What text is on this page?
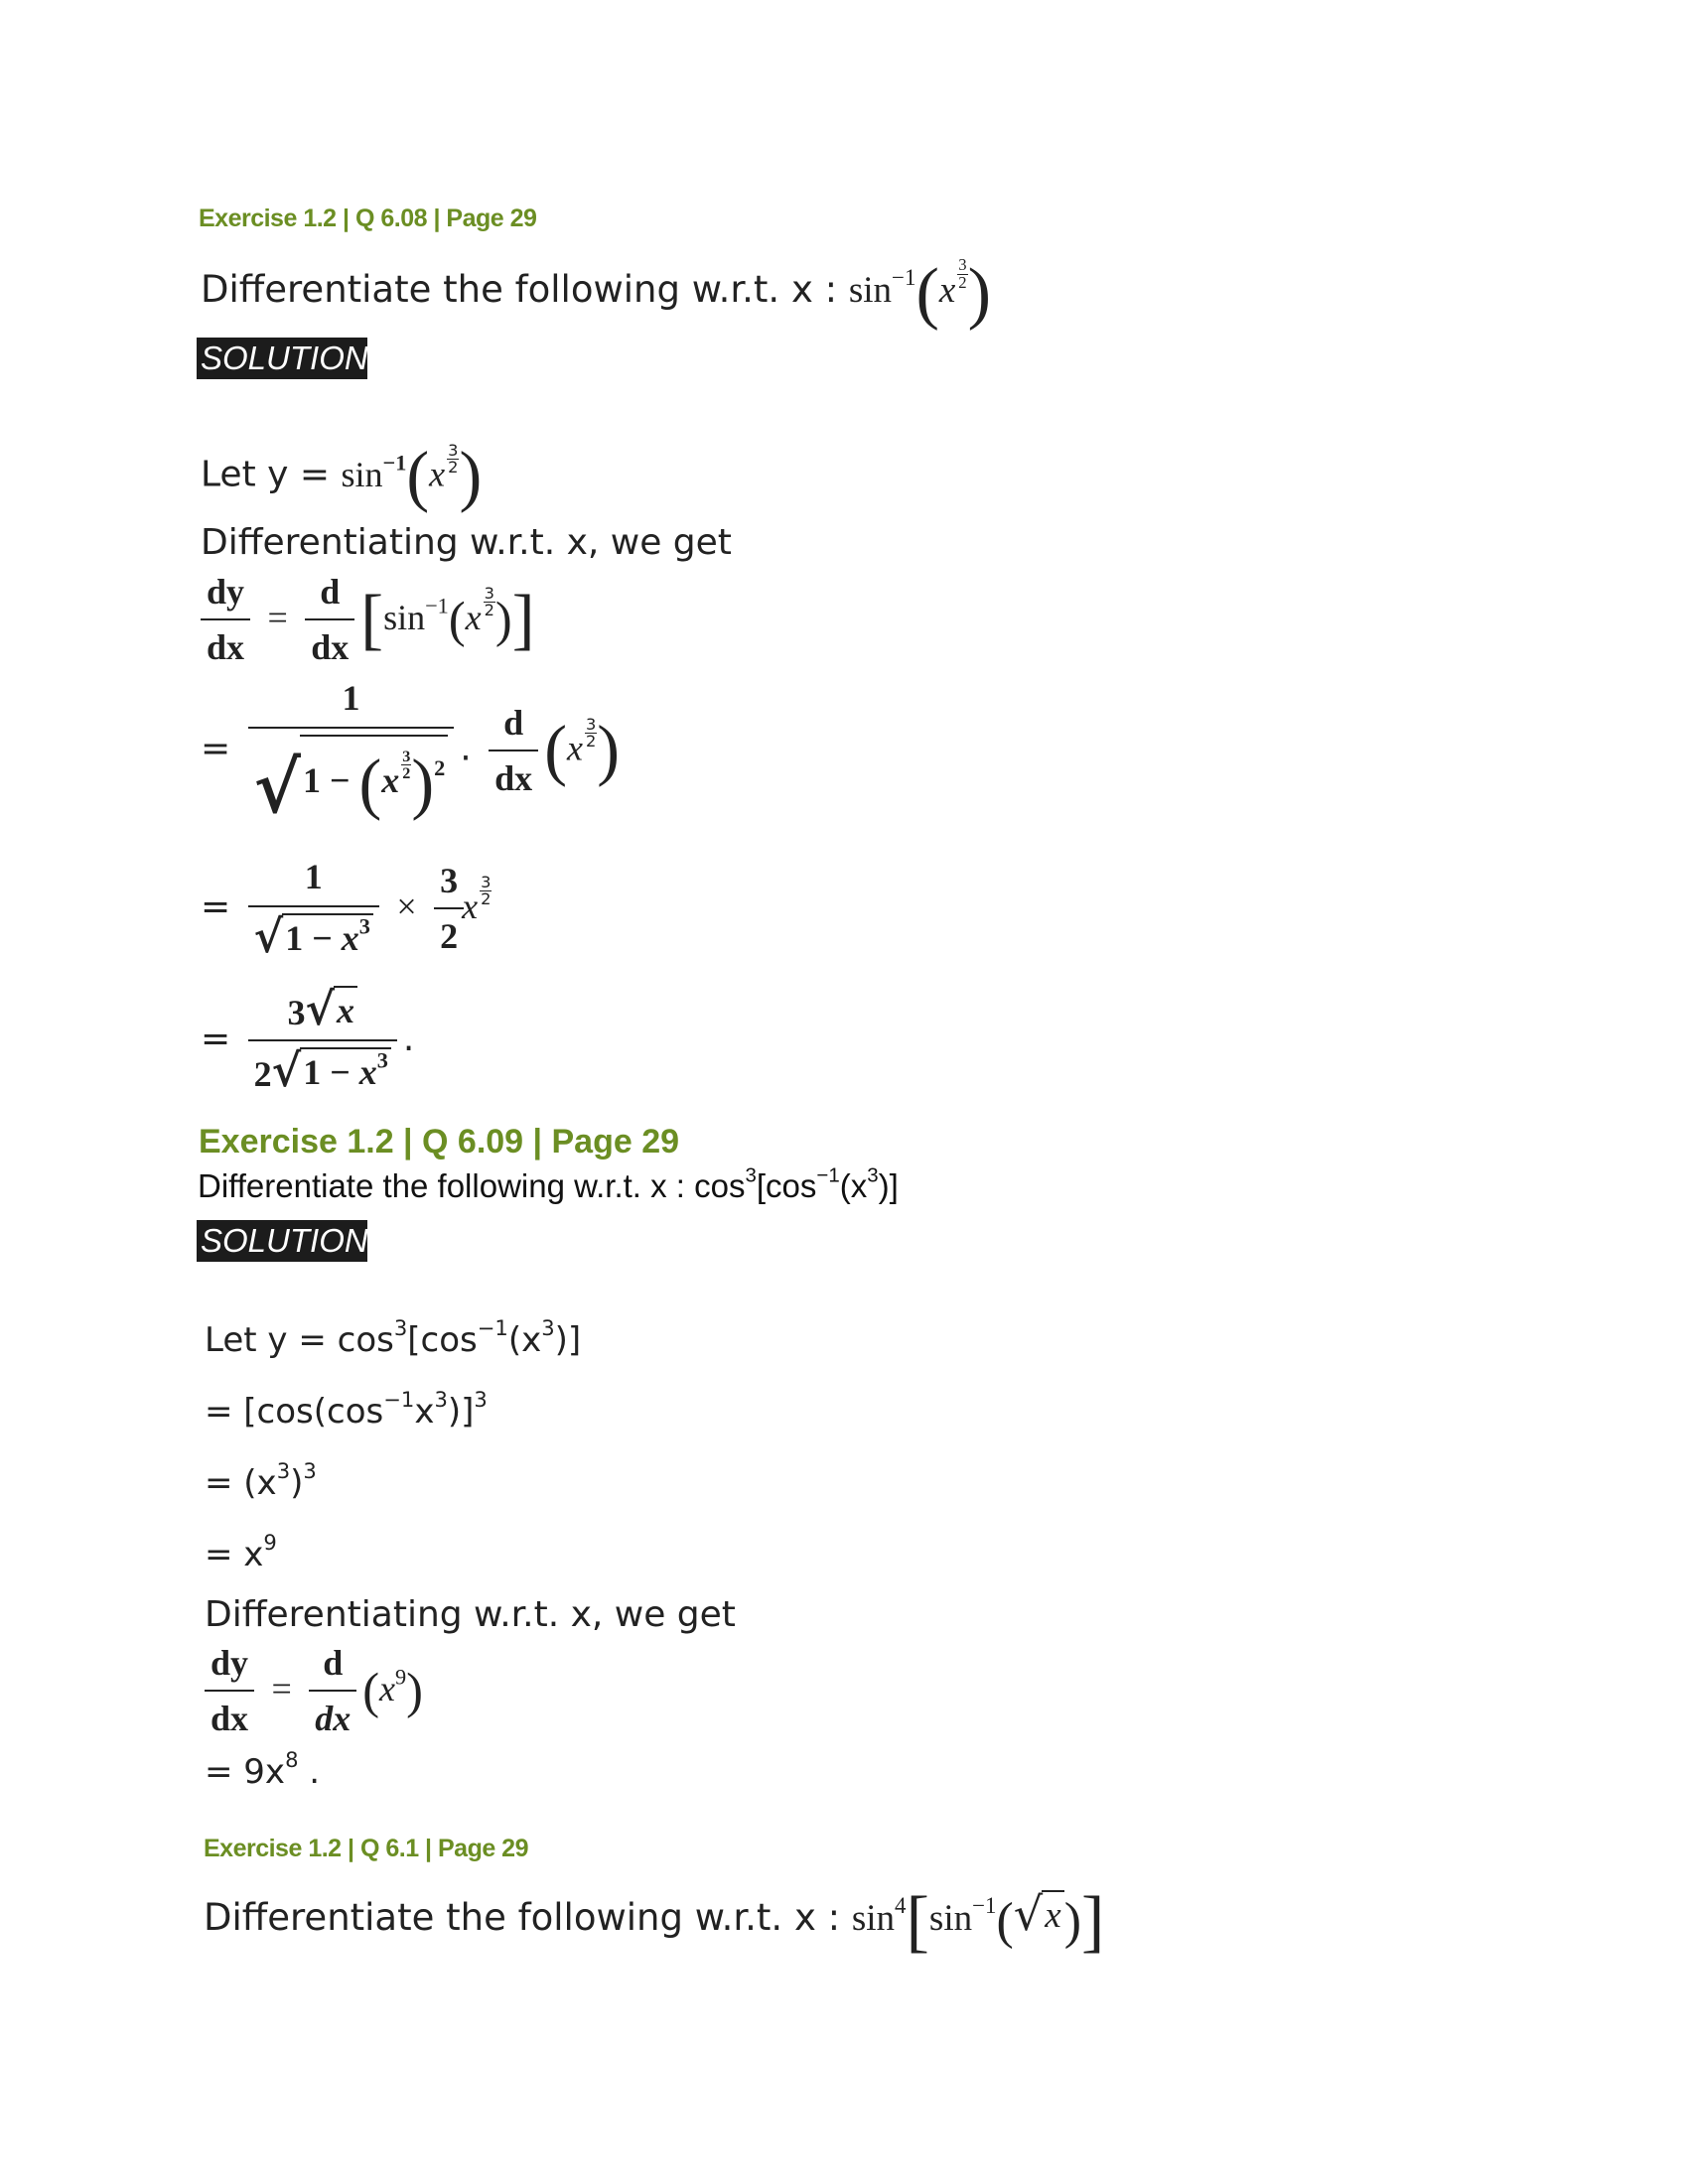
Exercise 1.2 | Q 6.08 | Page 29
Differentiate the following w.r.t. x : $\sin^{-1}(x \frac{3}{2}$ )
SOLUTION
Let $y = \sin^{-1}(x \frac{3}{2}$ )
Differentiating w.r.t. x, we get
$\frac{dy}{dx} = \frac{d}{dx} [\sin^{-1}(x \frac{3}{2}$ )]
= $\frac{1}{√ 1 - (x \frac{3}{2} )^2}$ . $\frac{d}{dx} (x \frac{3}{2}$ )
= $\frac{1}{√ 1 - x^3} \times \frac{3}{2}$
x $\frac{3}{2}$
= $\frac{3 √ x}{2 √ 1 - x^3}$ .
Exercise 1.2 | Q 6.09 | Page 29
Differentiate the following w.r.t. x : $\cos^3[\cos^{-1}(x^3)]$
SOLUTION
Let $y = \cos^3[\cos^{-1}(x^3)]$
= $[\cos(\cos^{-1}x^3)]^3$
= $(x^3)^3$
= $x^9$
Differentiating w.r.t. x, we get
$\frac{dy}{dx} = \frac{d}{dx} (x^9)$
= $9x^8$ .
Exercise 1.2 | Q 6.1 | Page 29
Differentiate the following w.r.t. x : $\sin^4[\sin^{-1}$( √ x )]
